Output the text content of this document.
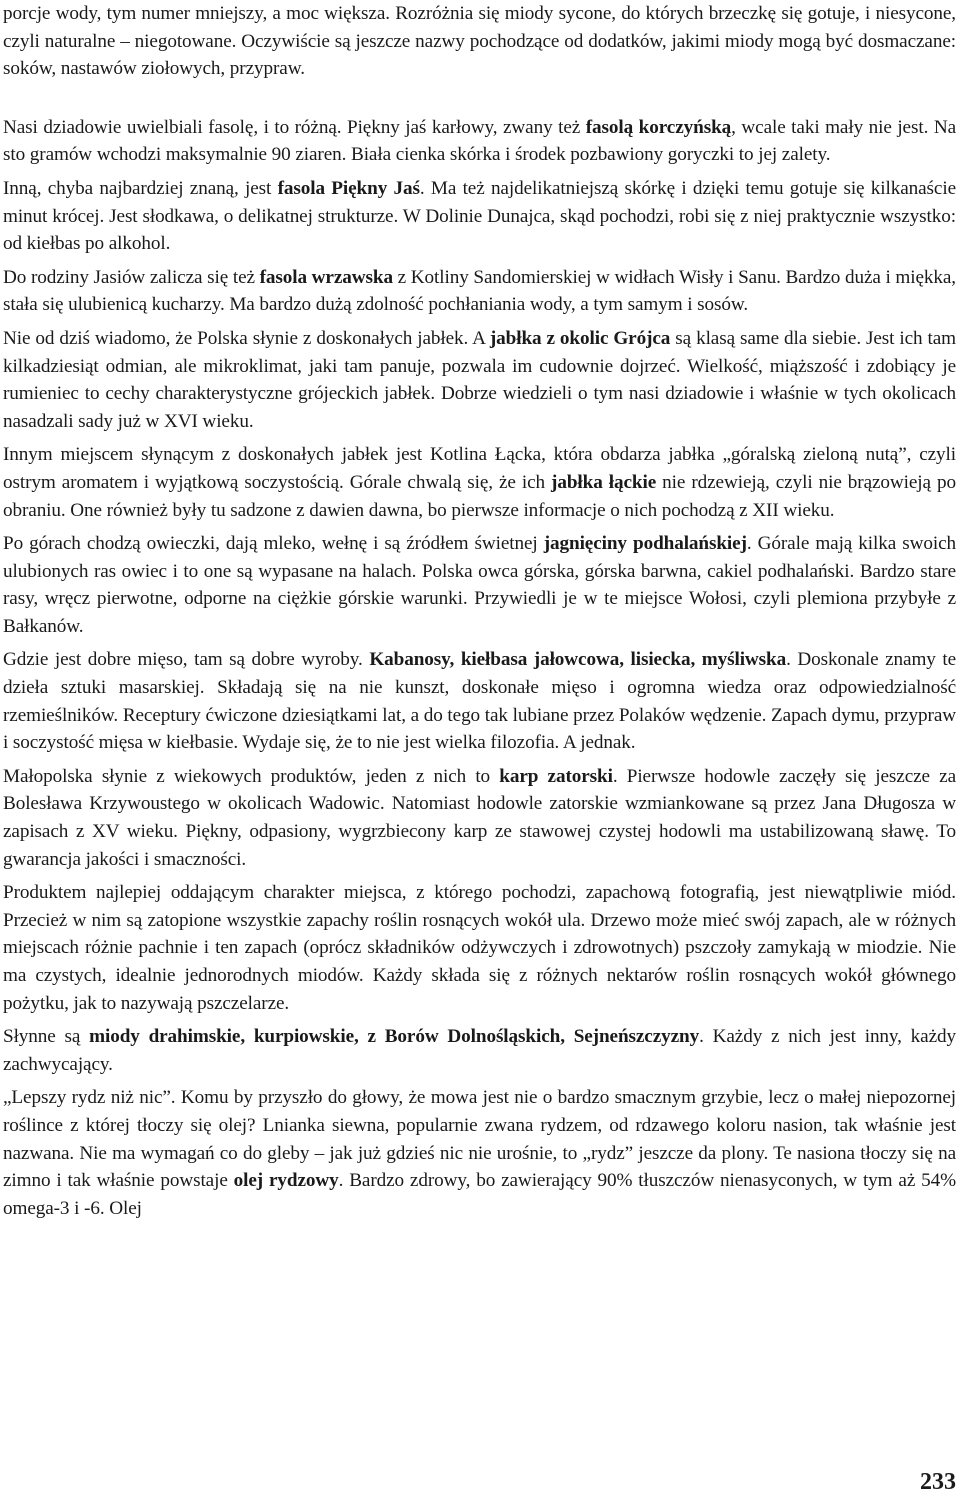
porcje wody, tym numer mniejszy, a moc większa. Rozróżnia się miody sycone, do których brzeczkę się gotuje, i niesycone, czyli naturalne – niegotowane. Oczywiście są jeszcze nazwy pochodzące od dodatków, jakimi miody mogą być dosmaczane: soków, nastawów ziołowych, przypraw.

Nasi dziadowie uwielbiali fasolę, i to różną. Piękny jaś karłowy, zwany też fasolą korczyńską, wcale taki mały nie jest. Na sto gramów wchodzi maksymalnie 90 ziaren. Biała cienka skórka i środek pozbawiony goryczki to jej zalety.

Inną, chyba najbardziej znaną, jest fasola Piękny Jaś. Ma też najdelikatniejszą skórkę i dzięki temu gotuje się kilkanaście minut krócej. Jest słodkawa, o delikatnej strukturze. W Dolinie Dunajca, skąd pochodzi, robi się z niej praktycznie wszystko: od kiełbas po alkohol.

Do rodziny Jasiów zalicza się też fasola wrzawska z Kotliny Sandomierskiej w widłach Wisły i Sanu. Bardzo duża i miękka, stała się ulubienicą kucharzy. Ma bardzo dużą zdolność pochłaniania wody, a tym samym i sosów.

Nie od dziś wiadomo, że Polska słynie z doskonałych jabłek. A jabłka z okolic Grójca są klasą same dla siebie. Jest ich tam kilkadziesiąt odmian, ale mikroklimat, jaki tam panuje, pozwala im cudownie dojrzeć. Wielkość, miąższość i zdobiący je rumieniec to cechy charakterystyczne grójeckich jabłek. Dobrze wiedzieli o tym nasi dziadowie i właśnie w tych okolicach nasadzali sady już w XVI wieku.

Innym miejscem słynącym z doskonałych jabłek jest Kotlina Łącka, która obdarza jabłka „góralską zieloną nutą”, czyli ostrym aromatem i wyjątkową soczystością. Górale chwalą się, że ich jabłka łąckie nie rdzewieją, czyli nie brązowieją po obraniu. One również były tu sadzone z dawien dawna, bo pierwsze informacje o nich pochodzą z XII wieku.

Po górach chodzą owieczki, dają mleko, wełnę i są źródłem świetnej jagnięciny podhalańskiej. Górale mają kilka swoich ulubionych ras owiec i to one są wypasane na halach. Polska owca górska, górska barwna, cakiel podhalański. Bardzo stare rasy, wręcz pierwotne, odporne na ciężkie górskie warunki. Przywiedli je w te miejsce Wołosi, czyli plemiona przybyłe z Bałkanów.

Gdzie jest dobre mięso, tam są dobre wyroby. Kabanosy, kiełbasa jałowcowa, lisiecka, myśliwska. Doskonale znamy te dzieła sztuki masarskiej. Składają się na nie kunszt, doskonałe mięso i ogromna wiedza oraz odpowiedzialność rzemieślników. Receptury ćwiczone dziesiątkami lat, a do tego tak lubiane przez Polaków wędzenie. Zapach dymu, przypraw i soczystość mięsa w kiełbasie. Wydaje się, że to nie jest wielka filozofia. A jednak.

Małopolska słynie z wiekowych produktów, jeden z nich to karp zatorski. Pierwsze hodowle zaczęły się jeszcze za Bolesława Krzywoustego w okolicach Wadowic. Natomiast hodowle zatorskie wzmiankowane są przez Jana Długosza w zapisach z XV wieku. Piękny, odpasiony, wygrzbiecony karp ze stawowej czystej hodowli ma ustabilizowaną sławę. To gwarancja jakości i smaczności.

Produktem najlepiej oddającym charakter miejsca, z którego pochodzi, zapachową fotografią, jest niewątpliwie miód. Przecież w nim są zatopione wszystkie zapachy roślin rosnących wokół ula. Drzewo może mieć swój zapach, ale w różnych miejscach różnie pachnie i ten zapach (oprócz składników odżywczych i zdrowotnych) pszczoły zamykają w miodzie. Nie ma czystych, idealnie jednorodnych miodów. Każdy składa się z różnych nektarów roślin rosnących wokół głównego pożytku, jak to nazywają pszczelarze.

Słynne są miody drahimskie, kurpiowskie, z Borów Dolnośląskich, Sejneńszczyzny. Każdy z nich jest inny, każdy zachwycający.

„Lepszy rydz niż nic”. Komu by przyszło do głowy, że mowa jest nie o bardzo smacznym grzybie, lecz o małej niepozornej roślince z której tłoczy się olej? Lnianka siewna, popularnie zwana rydzem, od rdzawego koloru nasion, tak właśnie jest nazwana. Nie ma wymagań co do gleby – jak już gdzieś nic nie urośnie, to „rydz” jeszcze da plony. Te nasiona tłoczy się na zimno i tak właśnie powstaje olej rydzowy. Bardzo zdrowy, bo zawierający 90% tłuszczów nienasyconych, w tym aż 54% omega-3 i -6. Olej

233
